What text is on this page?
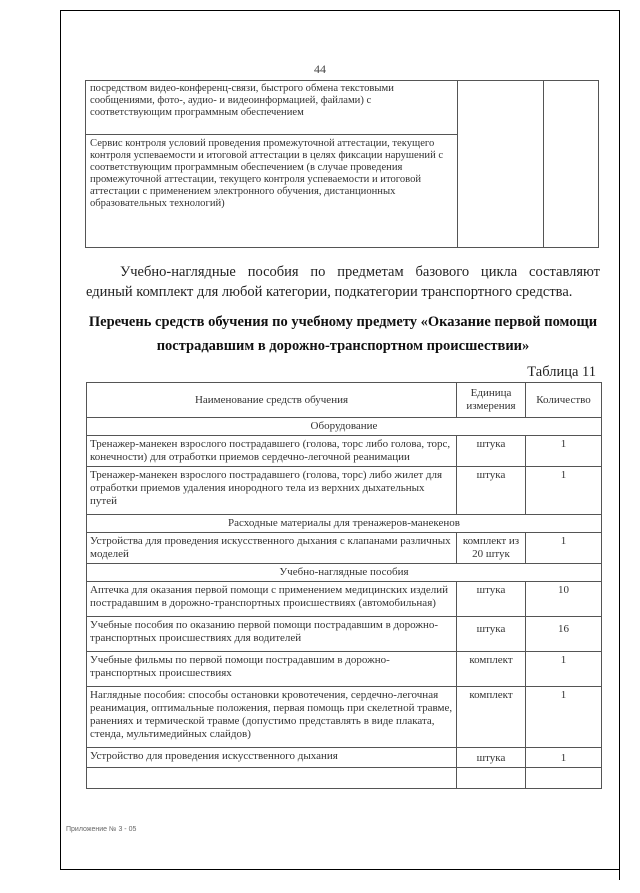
44
посредством видео-конференц-связи, быстрого обмена текстовыми сообщениями, фото-, аудио- и видеоинформацией, файлами) с соответствующим программным обеспечением
Сервис контроля условий проведения промежуточной аттестации, текущего контроля успеваемости и итоговой аттестации в целях фиксации нарушений с соответствующим программным обеспечением (в случае проведения промежуточной аттестации, текущего контроля успеваемости и итоговой аттестации с применением электронного обучения, дистанционных образовательных технологий)
Учебно-наглядные пособия по предметам базового цикла составляют единый комплект для любой категории, подкатегории транспортного средства.
Перечень средств обучения по учебному предмету «Оказание первой помощи
пострадавшим в дорожно-транспортном происшествии»
Таблица 11
Наименование средств обучения	Единица измерения	Количество
Оборудование		
Тренажер-манекен взрослого пострадавшего (голова, торс либо голова, торс, конечности) для отработки приемов сердечно-легочной реанимации	штука	1
Тренажер-манекен взрослого пострадавшего (голова, торс) либо жилет для отработки приемов удаления инородного тела из верхних дыхательных путей	штука	1
Расходные материалы для тренажеров-манекенов		
Устройства для проведения искусственного дыхания с клапанами различных моделей	комплект из 20 штук	1
Учебно-наглядные пособия		
Аптечка для оказания первой помощи с применением медицинских изделий пострадавшим в дорожно-транспортных происшествиях (автомобильная)	штука	10
Учебные пособия по оказанию первой помощи пострадавшим в дорожно-транспортных происшествиях для водителей	штука	16
Учебные фильмы по первой помощи пострадавшим в дорожно-транспортных происшествиях	комплект	1
Наглядные пособия: способы остановки кровотечения, сердечно-легочная реанимация, оптимальные положения, первая помощь при скелетной травме, ранениях и термической травме (допустимо представлять в виде плаката, стенда, мультимедийных слайдов)	комплект	1
Устройство для проведения искусственного дыхания	штука	1

Приложение № 3 - 05
